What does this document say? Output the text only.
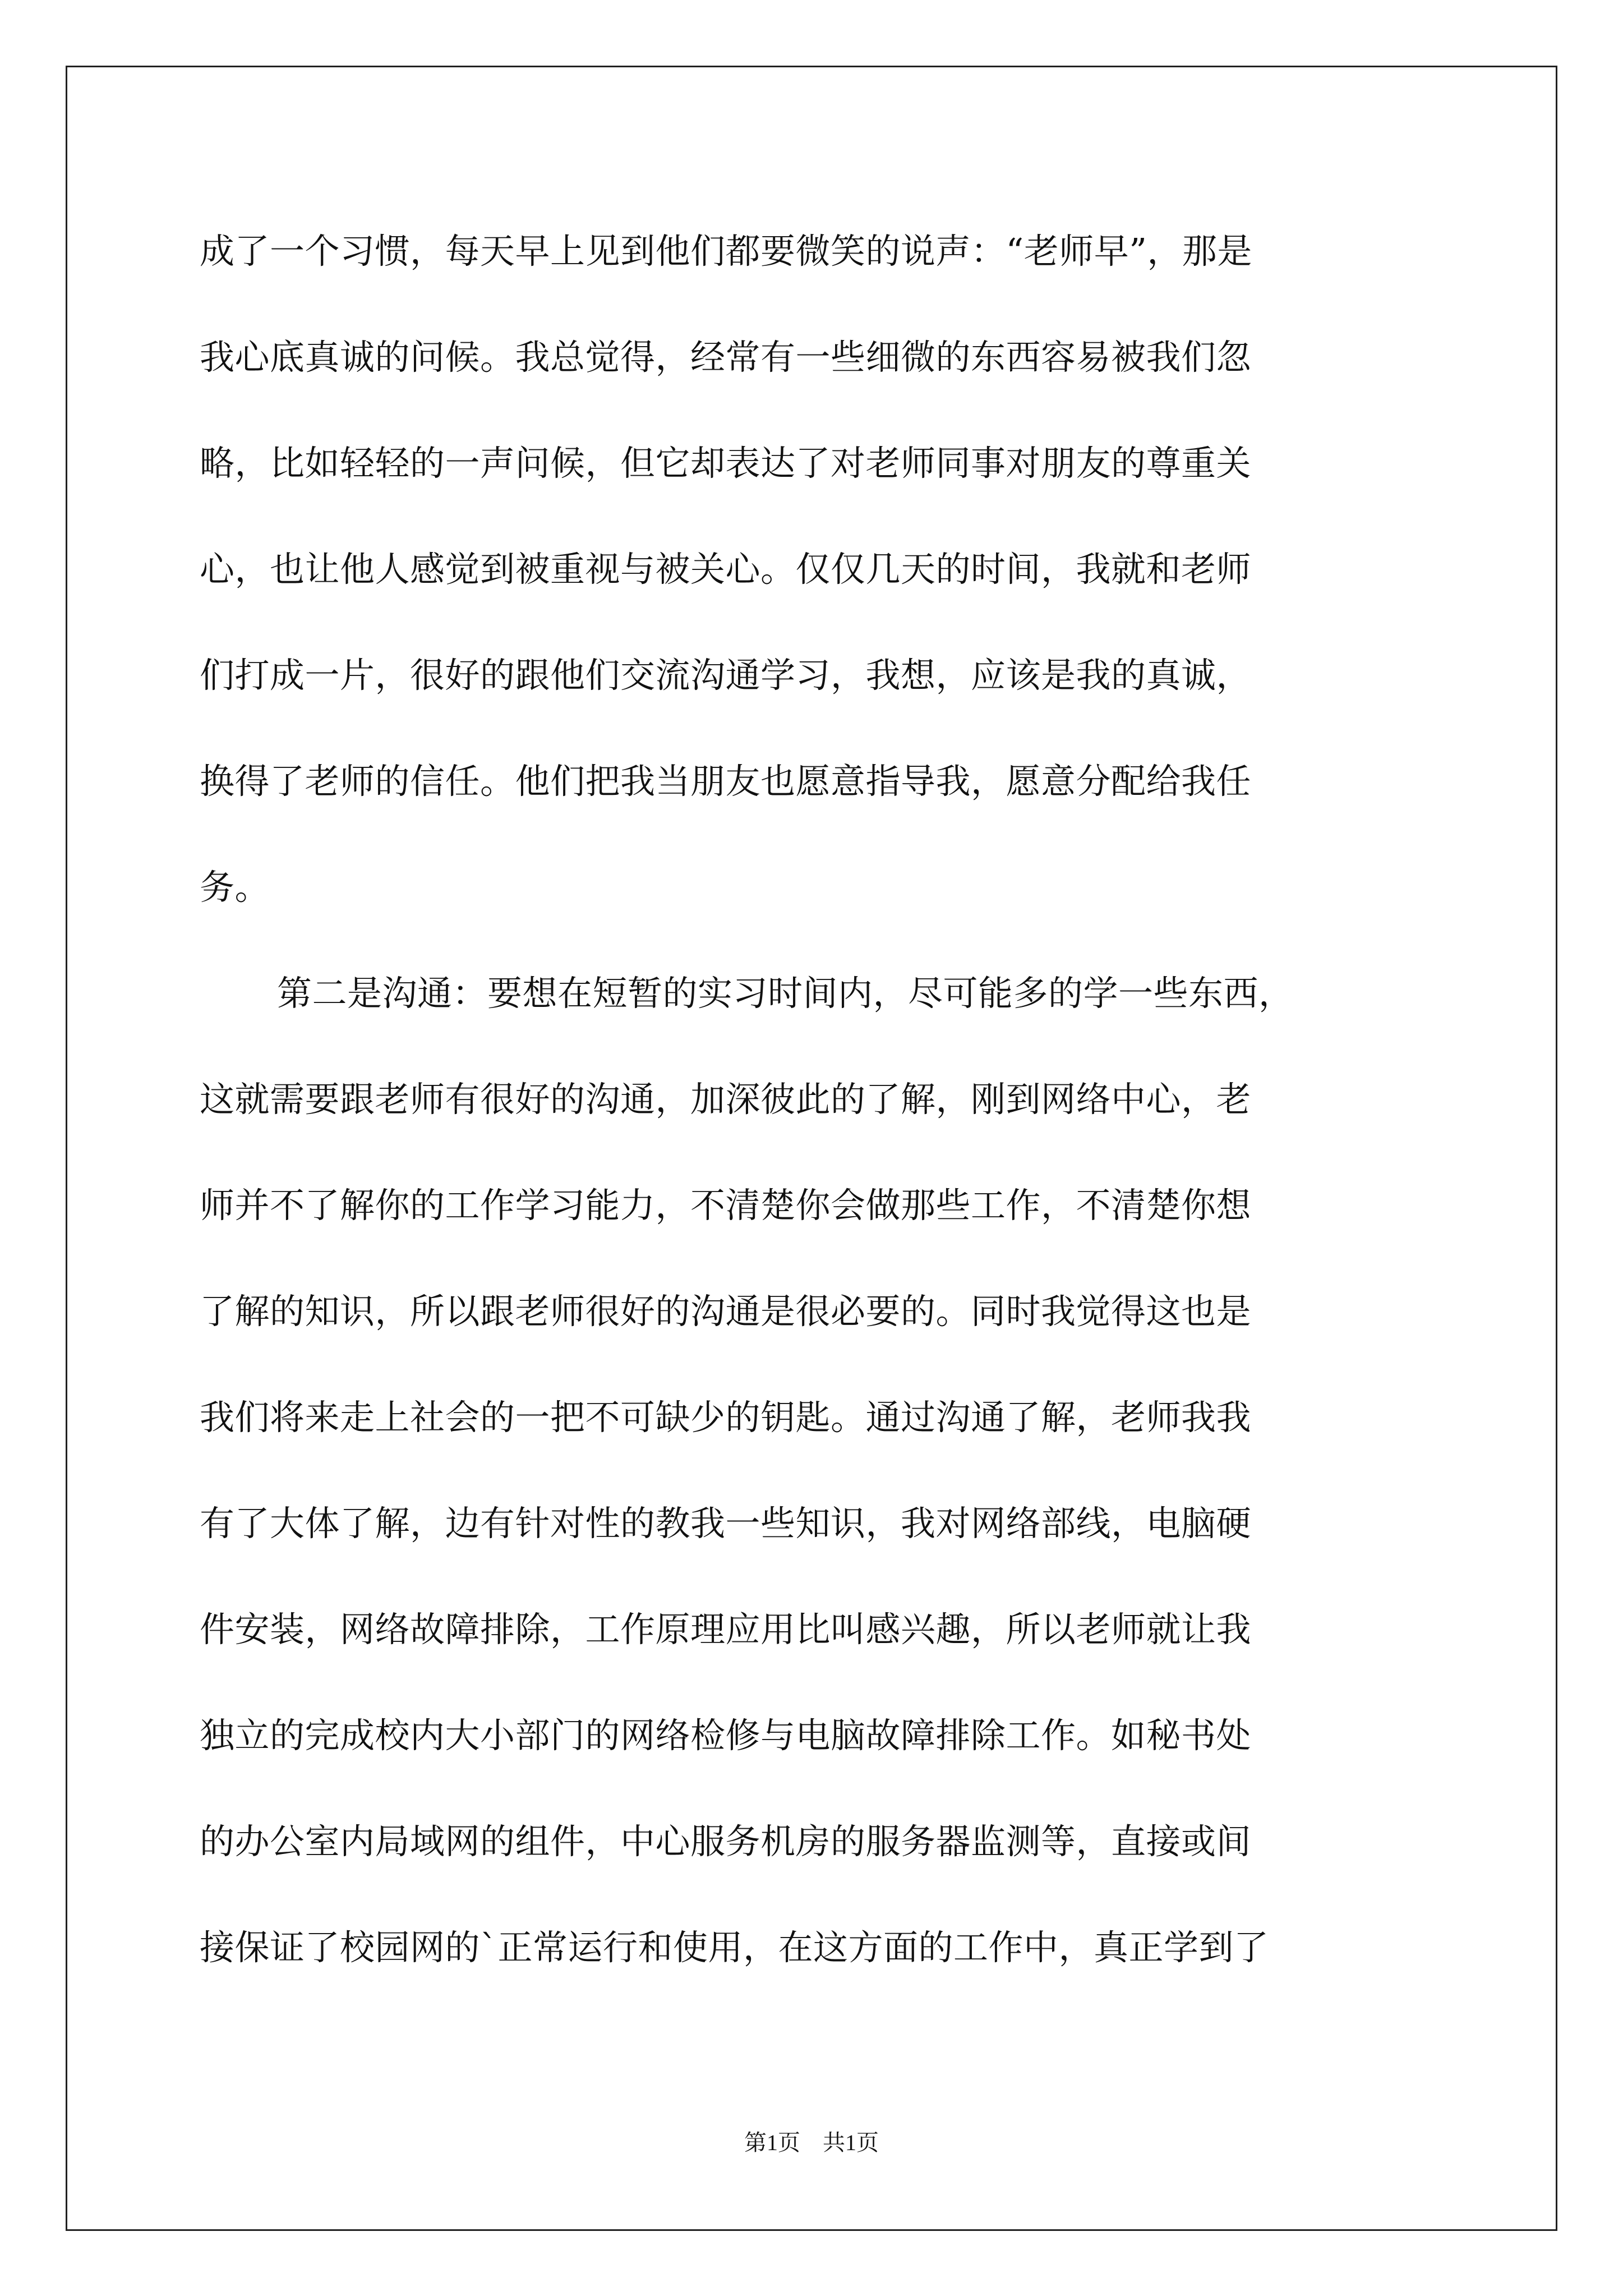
成了一个习惯，每天早上见到他们都要微笑的说声：“老师早”，那是
我心底真诚的问候。我总觉得，经常有一些细微的东西容易被我们忽
略，比如轻轻的一声问候，但它却表达了对老师同事对朋友的尊重关
心，也让他人感觉到被重视与被关心。仅仅几天的时间，我就和老师
们打成一片，很好的跟他们交流沟通学习，我想，应该是我的真诚，
换得了老师的信任。他们把我当朋友也愿意指导我，愿意分配给我任
务。
第二是沟通：要想在短暂的实习时间内，尽可能多的学一些东西，
这就需要跟老师有很好的沟通，加深彼此的了解，刚到网络中心，老
师并不了解你的工作学习能力，不清楚你会做那些工作，不清楚你想
了解的知识，所以跟老师很好的沟通是很必要的。同时我觉得这也是
我们将来走上社会的一把不可缺少的钥匙。通过沟通了解，老师我我
有了大体了解，边有针对性的教我一些知识，我对网络部线，电脑硬
件安装，网络故障排除，工作原理应用比叫感兴趣，所以老师就让我
独立的完成校内大小部门的网络检修与电脑故障排除工作。如秘书处
的办公室内局域网的组件，中心服务机房的服务器监测等，直接或间
接保证了校园网的`正常运行和使用，在这方面的工作中，真正学到了
第1页　共1页
